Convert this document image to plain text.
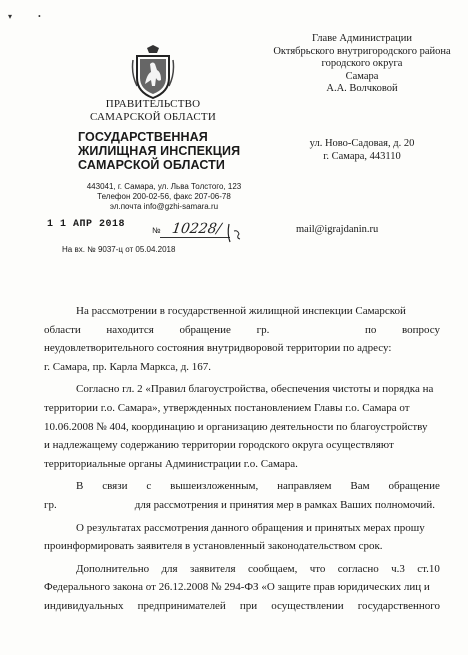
▾	•
ПРАВИТЕЛЬСТВО
САМАРСКОЙ ОБЛАСТИ
ГОСУДАРСТВЕННАЯ
ЖИЛИЩНАЯ ИНСПЕКЦИЯ
САМАРСКОЙ ОБЛАСТИ
443041, г. Самара, ул. Льва Толстого, 123
Телефон 200-02-56, факс 207-06-78
эл.почта info@gzhi-samara.ru
1 1 АПР 2018
№ 10228/
На вх. № 9037-ц от 05.04.2018
Главе Администрации
Октябрьского внутригородского района
городского округа
Самара
А.А. Волчковой
ул. Ново-Садовая, д. 20
г. Самара, 443110
mail@igrajdanin.ru
На рассмотрении в государственной жилищной инспекции Самарской
области находится обращение гр.	по вопросу
неудовлетворительного состояния внутридворовой территории по адресу:
г. Самара, пр. Карла Маркса, д. 167.
Согласно гл. 2 «Правил благоустройства, обеспечения чистоты и порядка на
территории г.о. Самара», утвержденных постановлением Главы г.о. Самара от
10.06.2008 № 404, координацию и организацию деятельности по благоустройству
и надлежащему содержанию территории городского округа осуществляют
территориальные органы Администрации г.о. Самара.
В связи с вышеизложенным, направляем Вам обращение
гр.	для рассмотрения и принятия мер в рамках Ваших полномочий.
О результатах рассмотрения данного обращения и принятых мерах прошу
проинформировать заявителя в установленный законодательством срок.
Дополнительно для заявителя сообщаем, что согласно ч.3 ст.10
Федерального закона от 26.12.2008 № 294-ФЗ «О защите прав юридических лиц и
индивидуальных предпринимателей при осуществлении государственного
